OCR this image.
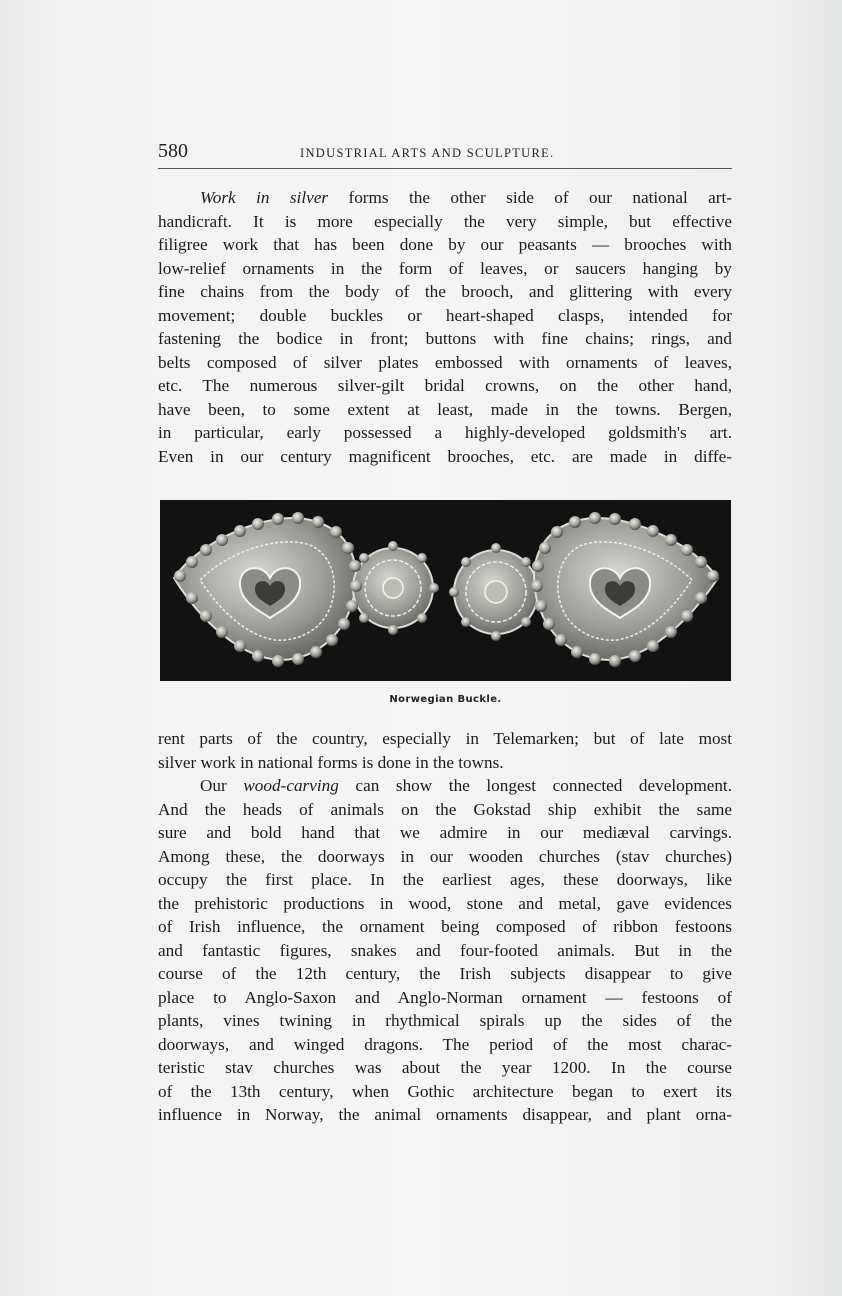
580	INDUSTRIAL ARTS AND SCULPTURE.
Work in silver forms the other side of our national art-
handicraft. It is more especially the very simple, but effective
filigree work that has been done by our peasants — brooches with
low-relief ornaments in the form of leaves, or saucers hanging by
fine chains from the body of the brooch, and glittering with every
movement; double buckles or heart-shaped clasps, intended for
fastening the bodice in front; buttons with fine chains; rings, and
belts composed of silver plates embossed with ornaments of leaves,
etc. The numerous silver-gilt bridal crowns, on the other hand,
have been, to some extent at least, made in the towns. Bergen,
in particular, early possessed a highly-developed goldsmith's art.
Even in our century magnificent brooches, etc. are made in diffe-
Norwegian Buckle.
rent parts of the country, especially in Telemarken; but of late most
silver work in national forms is done in the towns.
Our wood-carving can show the longest connected development.
And the heads of animals on the Gokstad ship exhibit the same
sure and bold hand that we admire in our mediæval carvings.
Among these, the doorways in our wooden churches (stav churches)
occupy the first place. In the earliest ages, these doorways, like
the prehistoric productions in wood, stone and metal, gave evidences
of Irish influence, the ornament being composed of ribbon festoons
and fantastic figures, snakes and four-footed animals. But in the
course of the 12th century, the Irish subjects disappear to give
place to Anglo-Saxon and Anglo-Norman ornament — festoons of
plants, vines twining in rhythmical spirals up the sides of the
doorways, and winged dragons. The period of the most charac-
teristic stav churches was about the year 1200. In the course
of the 13th century, when Gothic architecture began to exert its
influence in Norway, the animal ornaments disappear, and plant orna-
